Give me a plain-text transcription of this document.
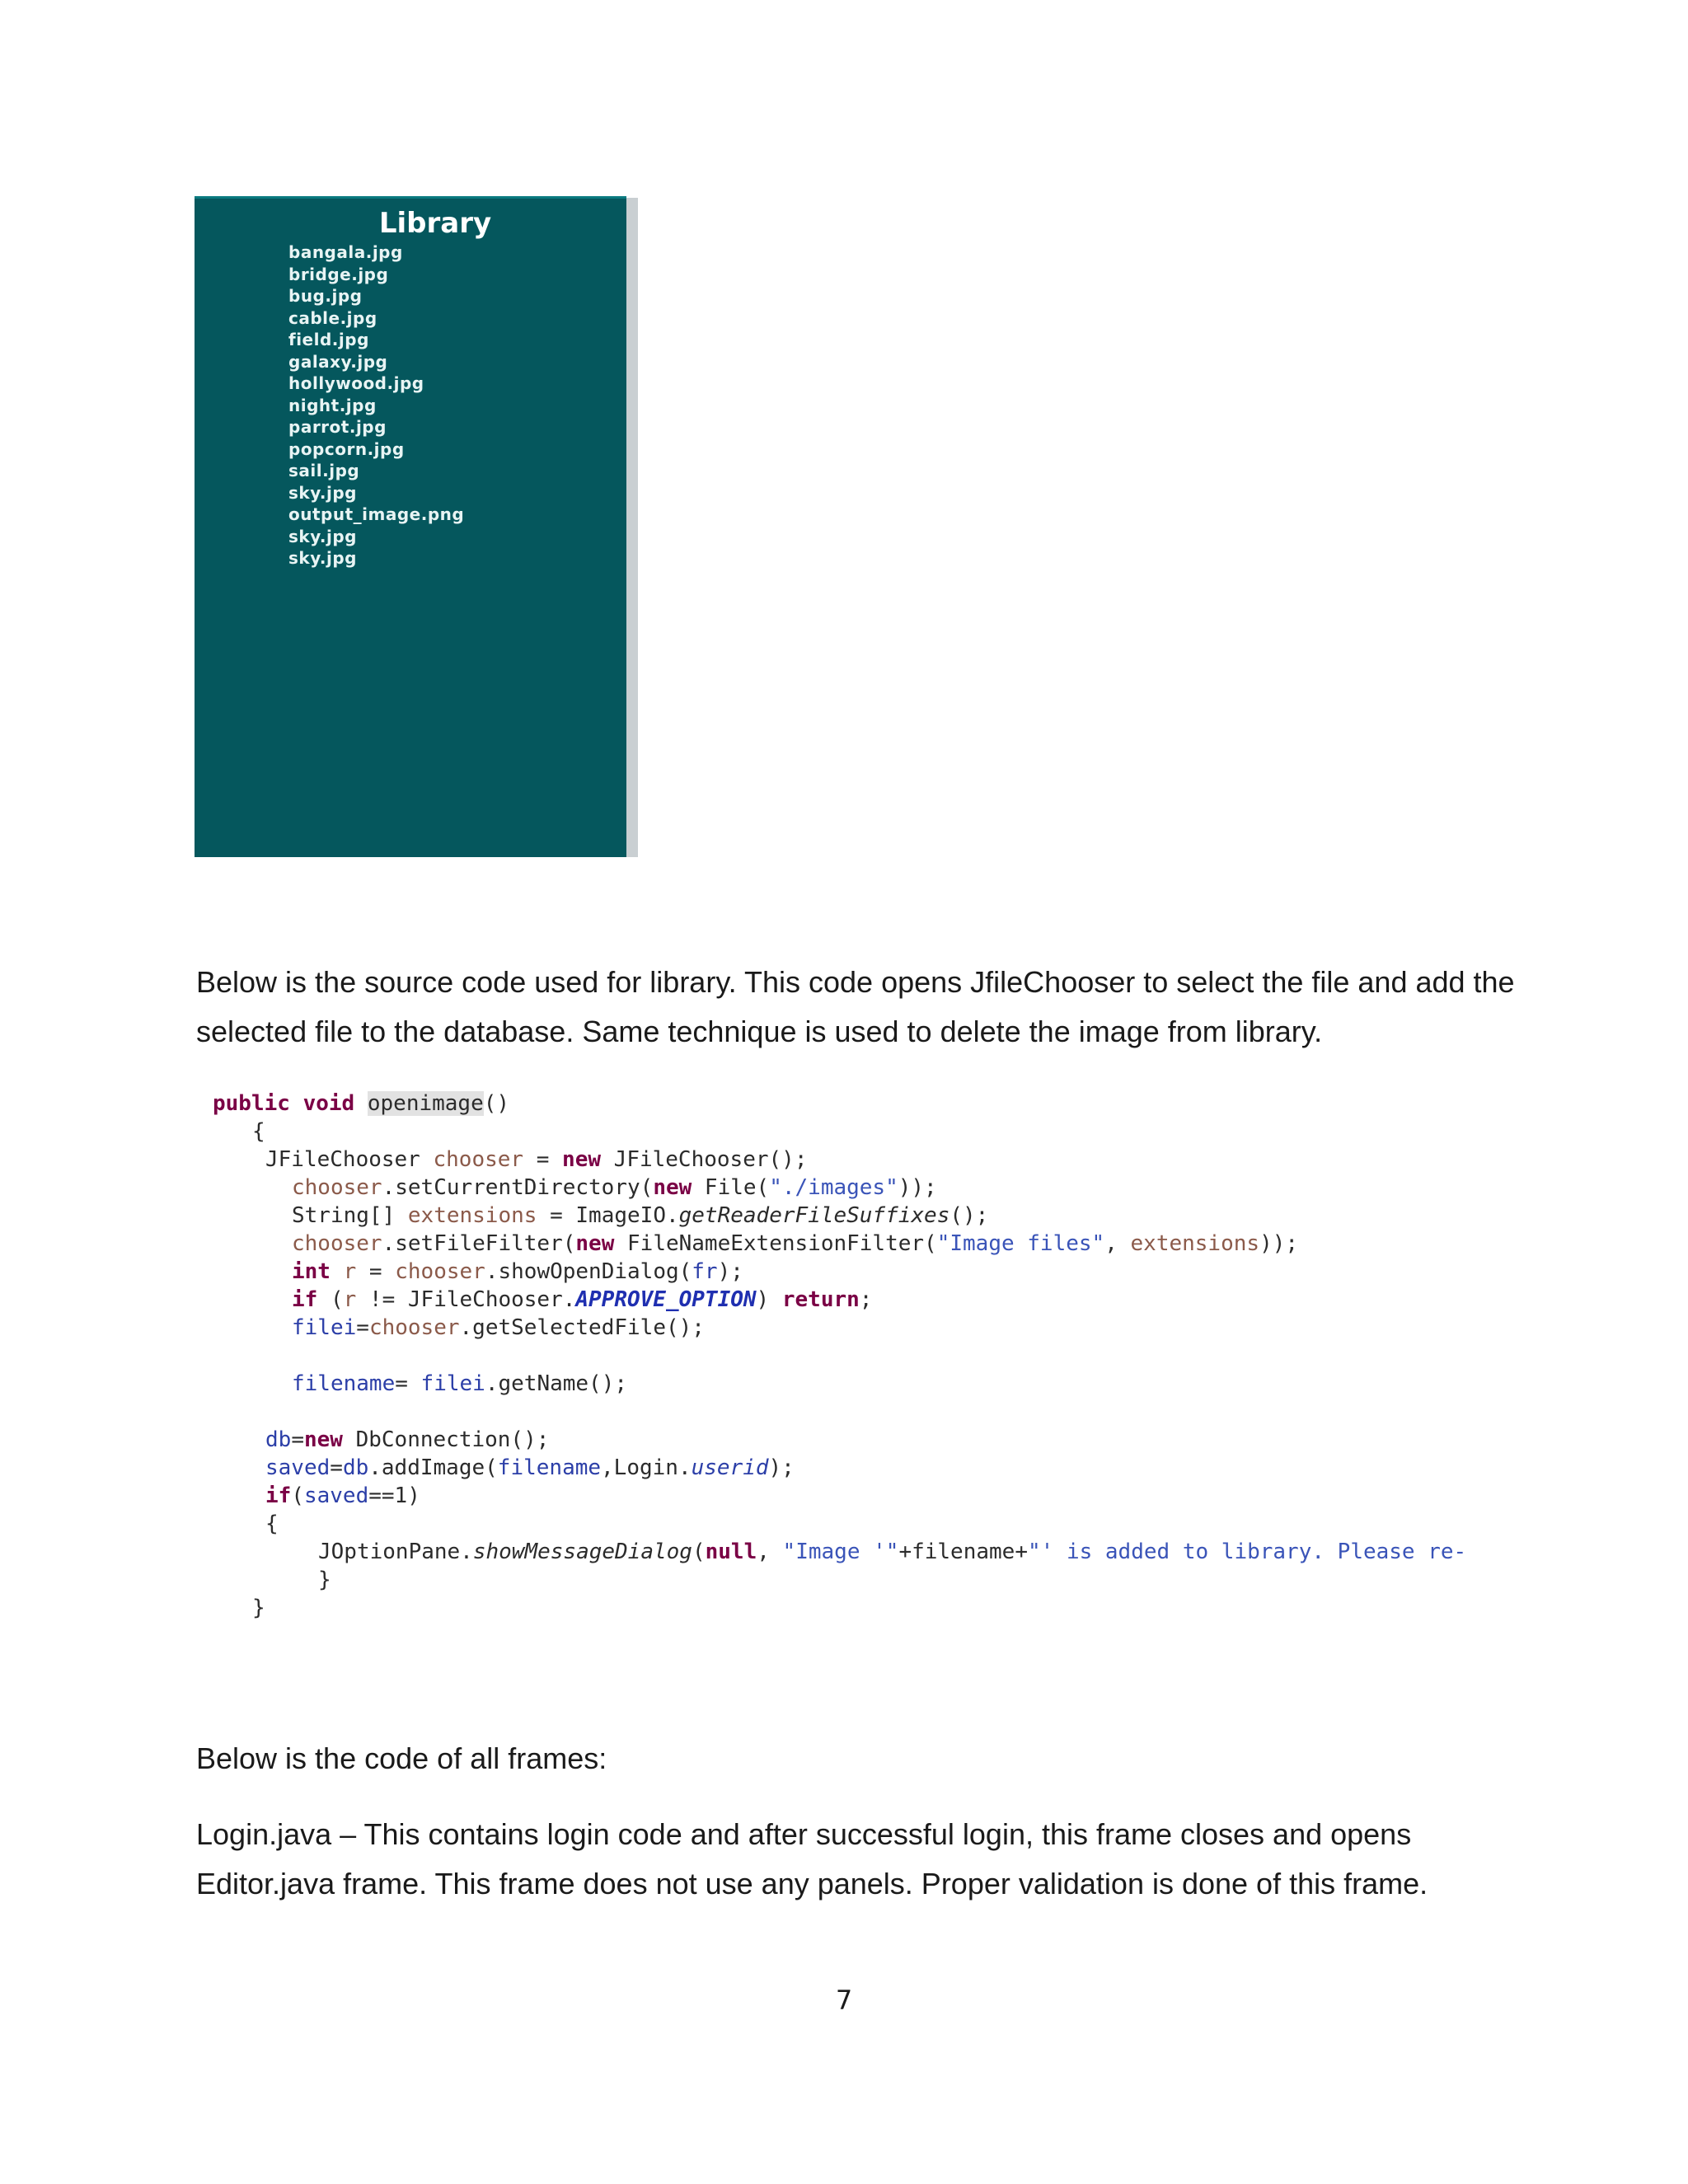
Library
bangala.jpg
bridge.jpg
bug.jpg
cable.jpg
field.jpg
galaxy.jpg
hollywood.jpg
night.jpg
parrot.jpg
popcorn.jpg
sail.jpg
sky.jpg
output_image.png
sky.jpg
sky.jpg

Below is the source code used for library. This code opens JfileChooser to select the file and add the selected file to the database. Same technique is used to delete the image from library.

public void openimage()
{
JFileChooser chooser = new JFileChooser();
chooser.setCurrentDirectory(new File("./images"));
String[] extensions = ImageIO.getReaderFileSuffixes();
chooser.setFileFilter(new FileNameExtensionFilter("Image files", extensions));
int r = chooser.showOpenDialog(fr);
if (r != JFileChooser.APPROVE_OPTION) return;
filei=chooser.getSelectedFile();
filename= filei.getName();
db=new DbConnection();
saved=db.addImage(filename,Login.userid);
if(saved==1)
{
JOptionPane.showMessageDialog(null, "Image '"+filename+"' is added to library. Please re-
}
}

Below is the code of all frames:

Login.java – This contains login code and after successful login, this frame closes and opens Editor.java frame. This frame does not use any panels. Proper validation is done of this frame.

7
